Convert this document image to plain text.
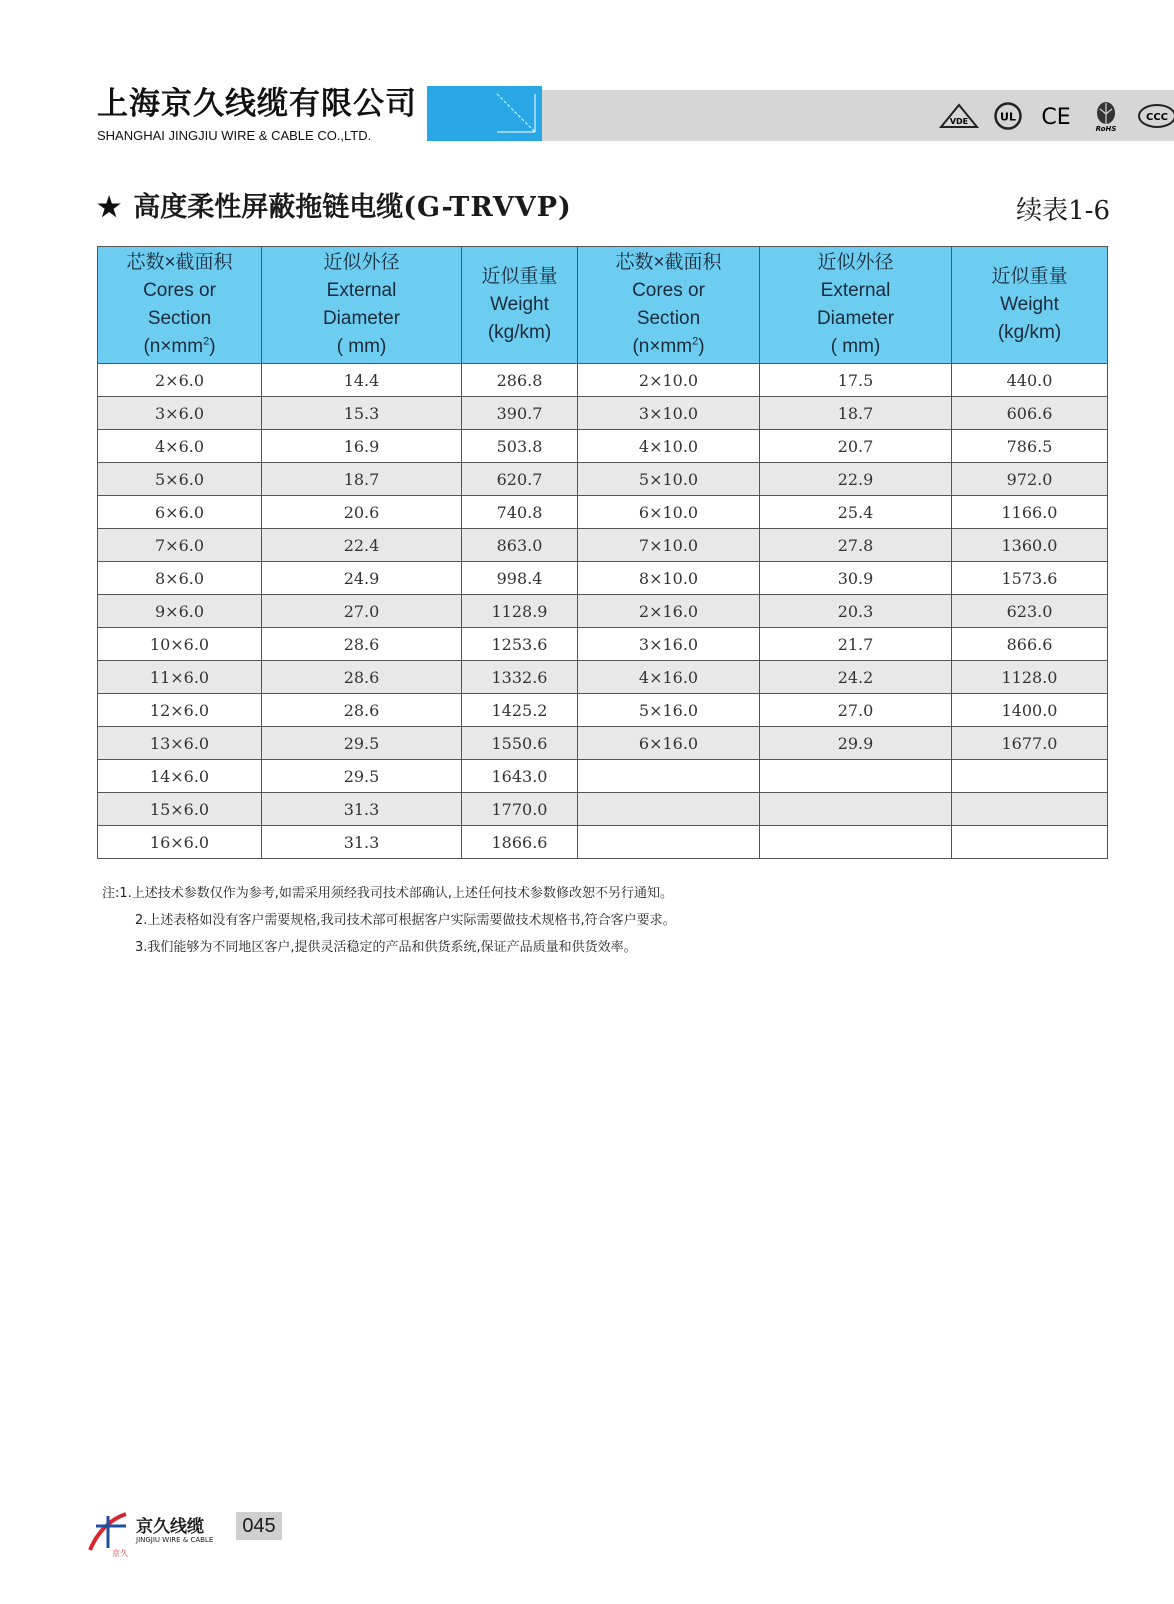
上海京久线缆有限公司
SHANGHAI JINGJIU WIRE & CABLE CO.,LTD.
VDE	UL CE	RoHS
CCC
★ 高度柔性屏蔽拖链电缆(G-TRVVP)	续表1-6
芯数×截面积
Cores or
Section
$(n\times mm^2)$	近似外径
External
Diameter
( mm)	近似重量
Weight
(kg/km)	芯数×截面积
Cores or
Section
$(n\times mm^2)$	近似外径
External
Diameter
( mm)	近似重量
Weight
(kg/km)

2×6.0	14.4	286.8	2×10.0	17.5	440.0
3×6.0	15.3	390.7	3×10.0	18.7	606.6
4×6.0	16.9	503.8	4×10.0	20.7	786.5
5×6.0	18.7	620.7	5×10.0	22.9	972.0
6×6.0	20.6	740.8	6×10.0	25.4	1166.0
7×6.0	22.4	863.0	7×10.0	27.8	1360.0
8×6.0	24.9	998.4	8×10.0	30.9	1573.6
9×6.0	27.0	1128.9	2×16.0	20.3	623.0
10×6.0	28.6	1253.6	3×16.0	21.7	866.6
11×6.0	28.6	1332.6	4×16.0	24.2	1128.0
12×6.0	28.6	1425.2	5×16.0	27.0	1400.0
13×6.0	29.5	1550.6	6×16.0	29.9	1677.0
14×6.0	29.5	1643.0			
15×6.0	31.3	1770.0			
16×6.0	31.3	1866.6			
注:1.上述技术参数仅作为参考,如需采用须经我司技术部确认,上述任何技术参数修改恕不另行通知。
2.上述表格如没有客户需要规格,我司技术部可根据客户实际需要做技术规格书,符合客户要求。
3.我们能够为不同地区客户,提供灵活稳定的产品和供货系统,保证产品质量和供货效率。
京久
京久线缆
JINGJIU WIRE & CABLE
045
